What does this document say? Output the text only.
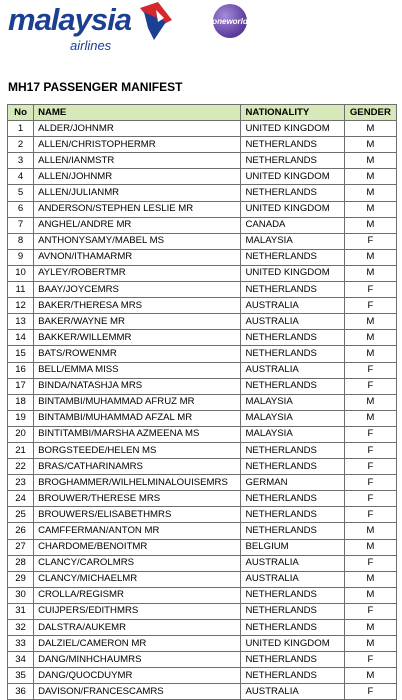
malaysia
airlines
oneworld
MH17 PASSENGER MANIFEST
No	NAME	NATIONALITY	GENDER
1	ALDER/JOHNMR	UNITED KINGDOM	M
2	ALLEN/CHRISTOPHERMR	NETHERLANDS	M
3	ALLEN/IANMSTR	NETHERLANDS	M
4	ALLEN/JOHNMR	UNITED KINGDOM	M
5	ALLEN/JULIANMR	NETHERLANDS	M
6	ANDERSON/STEPHEN LESLIE MR	UNITED KINGDOM	M
7	ANGHEL/ANDRE MR	CANADA	M
8	ANTHONYSAMY/MABEL MS	MALAYSIA	F
9	AVNON/ITHAMARMR	NETHERLANDS	M
10	AYLEY/ROBERTMR	UNITED KINGDOM	M
11	BAAY/JOYCEMRS	NETHERLANDS	F
12	BAKER/THERESA MRS	AUSTRALIA	F
13	BAKER/WAYNE MR	AUSTRALIA	M
14	BAKKER/WILLEMMR	NETHERLANDS	M
15	BATS/ROWENMR	NETHERLANDS	M
16	BELL/EMMA MISS	AUSTRALIA	F
17	BINDA/NATASHJA MRS	NETHERLANDS	F
18	BINTAMBI/MUHAMMAD AFRUZ MR	MALAYSIA	M
19	BINTAMBI/MUHAMMAD AFZAL MR	MALAYSIA	M
20	BINTITAMBI/MARSHA AZMEENA MS	MALAYSIA	F
21	BORGSTEEDE/HELEN MS	NETHERLANDS	F
22	BRAS/CATHARINAMRS	NETHERLANDS	F
23	BROGHAMMER/WILHELMINALOUISEMRS	GERMAN	F
24	BROUWER/THERESE MRS	NETHERLANDS	F
25	BROUWERS/ELISABETHMRS	NETHERLANDS	F
26	CAMFFERMAN/ANTON MR	NETHERLANDS	M
27	CHARDOME/BENOITMR	BELGIUM	M
28	CLANCY/CAROLMRS	AUSTRALIA	F
29	CLANCY/MICHAELMR	AUSTRALIA	M
30	CROLLA/REGISMR	NETHERLANDS	M
31	CUIJPERS/EDITHMRS	NETHERLANDS	F
32	DALSTRA/AUKEMR	NETHERLANDS	M
33	DALZIEL/CAMERON MR	UNITED KINGDOM	M
34	DANG/MINHCHAUMRS	NETHERLANDS	F
35	DANG/QUOCDUYMR	NETHERLANDS	M
36	DAVISON/FRANCESCAMRS	AUSTRALIA	F
